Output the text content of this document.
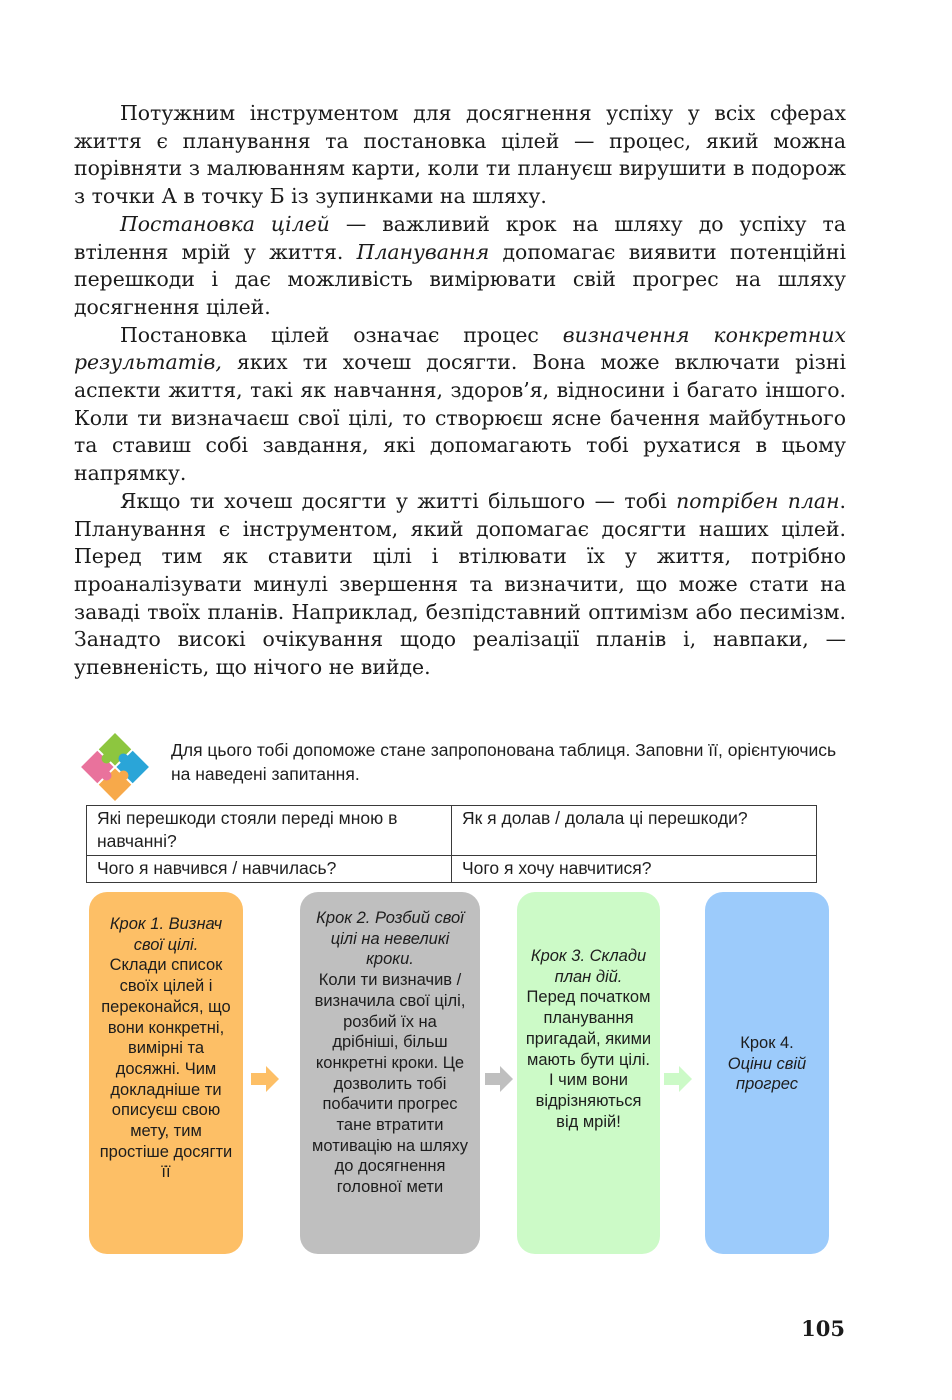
Потужним інструментом для досягнення успіху у всіх сферах життя є планування та постановка цілей — процес, який можна порівняти з малюванням карти, коли ти плануєш вирушити в подорож з точки А в точку Б із зупинками на шляху.

Постановка цілей — важливий крок на шляху до успіху та втілення мрій у життя. Планування допомагає виявити потенційні перешкоди і дає можливість вимірювати свій прогрес на шляху досягнення цілей.

Постановка цілей означає процес визначення конкретних результатів, яких ти хочеш досягти. Вона може включати різні аспекти життя, такі як навчання, здоров’я, відносини і багато іншого. Коли ти визначаєш свої цілі, то створюєш ясне бачення майбутнього та ставиш собі завдання, які допомагають тобі рухатися в цьому напрямку.

Якщо ти хочеш досягти у житті більшого — тобі потрібен план. Планування є інструментом, який допомагає досягти наших цілей. Перед тим як ставити цілі і втілювати їх у життя, потрібно проаналізувати минулі звершення та визначити, що може стати на заваді твоїх планів. Наприклад, безпідставний оптимізм або песимізм. Занадто високі очікування щодо реалізації планів і, навпаки, — упевненість, що нічого не вийде.

Для цього тобі допоможе стане запропонована таблиця. Заповни її, орієнтуючись на наведені запитання.
Які перешкоди стояли переді мною в навчанні?	Як я долав / долала ці перешкоди?
Чого я навчився / навчилась?	Чого я хочу навчитися?
Крок 1. Визнач свої цілі.
Склади список своїх цілей і переконайся, що вони конкретні, вимірні та досяжні. Чим докладніше ти описуєш свою мету, тим простіше досягти її
Крок 2. Розбий свої цілі на невеликі кроки.
Коли ти визначив / визначила свої цілі, розбий їх на дрібніші, більш конкретні кроки. Це дозволить тобі побачити прогрес тане втратити мотивацію на шляху до досягнення головної мети
Крок 3. Склади план дій.
Перед початком планування пригадай, якими мають бути цілі. І чим вони відрізняються від мрій!
Крок 4.
Оціни свій прогрес
105
